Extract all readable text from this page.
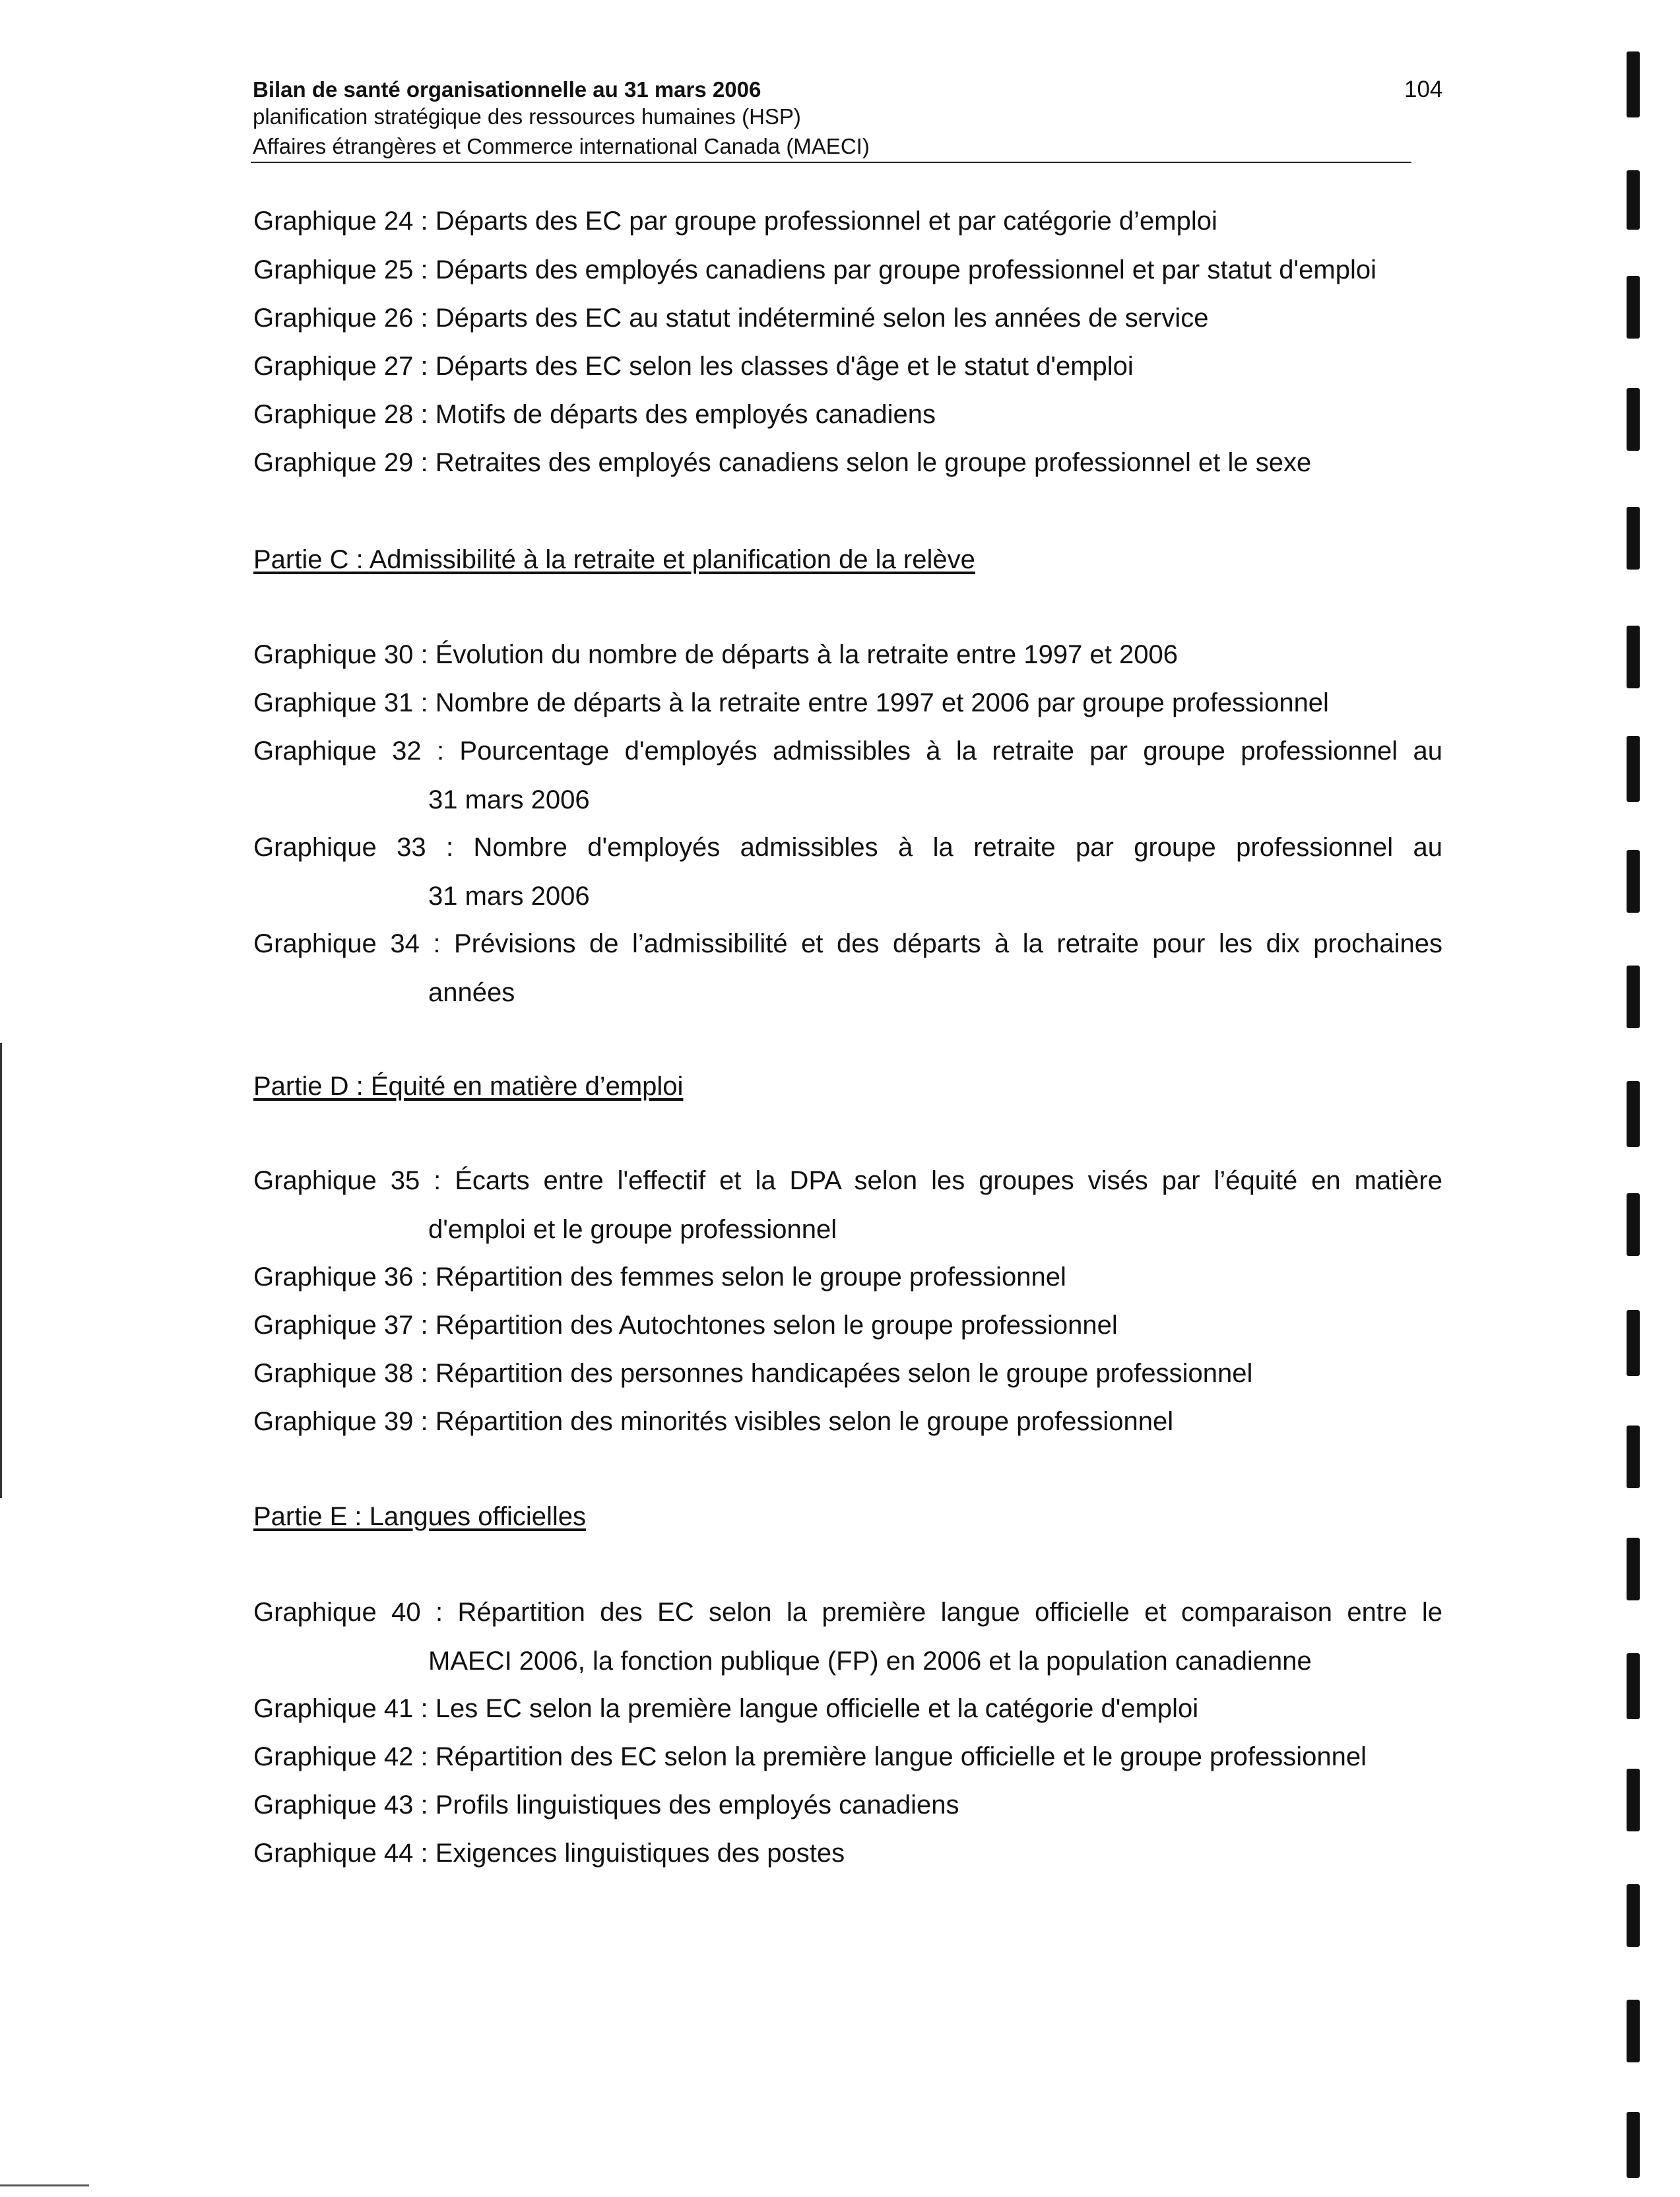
Bilan de santé organisationnelle au 31 mars 2006
planification stratégique des ressources humaines (HSP)
Affaires étrangères et Commerce international Canada (MAECI)
104
Graphique 24 : Départs des EC par groupe professionnel et par catégorie d’emploi
Graphique 25 : Départs des employés canadiens par groupe professionnel et par statut d'emploi
Graphique 26 : Départs des EC au statut indéterminé selon les années de service
Graphique 27 : Départs des EC selon les classes d'âge et le statut d'emploi
Graphique 28 : Motifs de départs des employés canadiens
Graphique 29 : Retraites des employés canadiens selon le groupe professionnel et le sexe
Partie C : Admissibilité à la retraite et planification de la relève
Graphique 30 : Évolution du nombre de départs à la retraite entre 1997 et 2006
Graphique 31 : Nombre de départs à la retraite entre 1997 et 2006 par groupe professionnel
Graphique 32 : Pourcentage d'employés admissibles à la retraite par groupe professionnel au
31 mars 2006
Graphique 33 : Nombre d'employés admissibles à la retraite par groupe professionnel au
31 mars 2006
Graphique 34 : Prévisions de l’admissibilité et des départs à la retraite pour les dix prochaines
années
Partie D : Équité en matière d’emploi
Graphique 35 : Écarts entre l'effectif et la DPA selon les groupes visés par l’équité en matière
d'emploi et le groupe professionnel
Graphique 36 : Répartition des femmes selon le groupe professionnel
Graphique 37 : Répartition des Autochtones selon le groupe professionnel
Graphique 38 : Répartition des personnes handicapées selon le groupe professionnel
Graphique 39 : Répartition des minorités visibles selon le groupe professionnel
Partie E : Langues officielles
Graphique 40 : Répartition des EC selon la première langue officielle et comparaison entre le
MAECI 2006, la fonction publique (FP) en 2006 et la population canadienne
Graphique 41 : Les EC selon la première langue officielle et la catégorie d'emploi
Graphique 42 : Répartition des EC selon la première langue officielle et le groupe professionnel
Graphique 43 : Profils linguistiques des employés canadiens
Graphique 44 : Exigences linguistiques des postes
